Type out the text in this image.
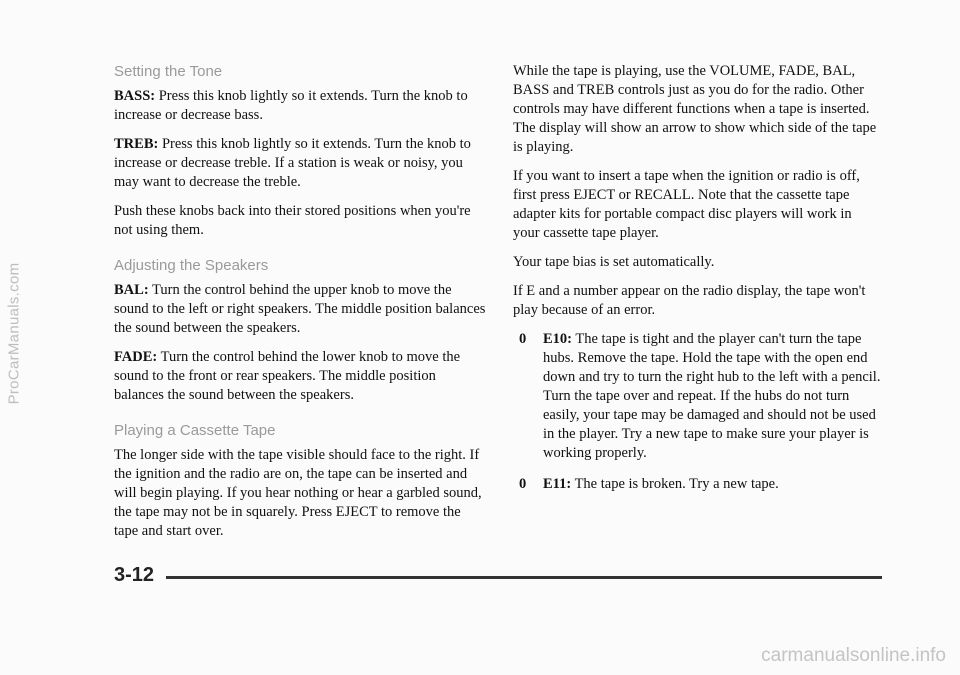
ProCarManuals.com
Setting the Tone

BASS: Press this knob lightly so it extends. Turn the knob to increase or decrease bass.

TREB: Press this knob lightly so it extends. Turn the knob to increase or decrease treble. If a station is weak or noisy, you may want to decrease the treble.

Push these knobs back into their stored positions when you're not using them.

Adjusting the Speakers

BAL: Turn the control behind the upper knob to move the sound to the left or right speakers. The middle position balances the sound between the speakers.

FADE: Turn the control behind the lower knob to move the sound to the front or rear speakers. The middle position balances the sound between the speakers.

Playing a Cassette Tape

The longer side with the tape visible should face to the right. If the ignition and the radio are on, the tape can be inserted and will begin playing. If you hear nothing or hear a garbled sound, the tape may not be in squarely. Press EJECT to remove the tape and start over.

While the tape is playing, use the VOLUME, FADE, BAL, BASS and TREB controls just as you do for the radio. Other controls may have different functions when a tape is inserted. The display will show an arrow to show which side of the tape is playing.

If you want to insert a tape when the ignition or radio is off, first press EJECT or RECALL. Note that the cassette tape adapter kits for portable compact disc players will work in your cassette tape player.

Your tape bias is set automatically.

If E and a number appear on the radio display, the tape won't play because of an error.

0 E10: The tape is tight and the player can't turn the tape hubs. Remove the tape. Hold the tape with the open end down and try to turn the right hub to the left with a pencil. Turn the tape over and repeat. If the hubs do not turn easily, your tape may be damaged and should not be used in the player. Try a new tape to make sure your player is working properly.
0 E11: The tape is broken. Try a new tape.
3-12
carmanualsonline.info
